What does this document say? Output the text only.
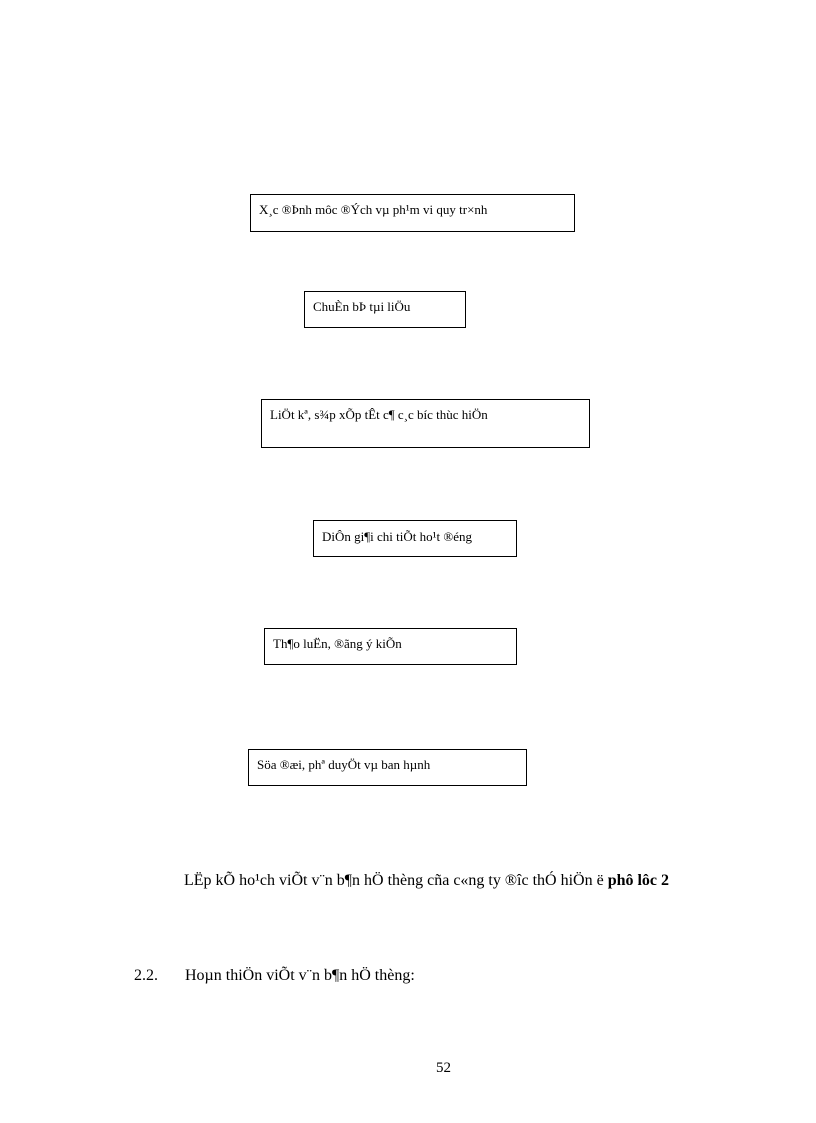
X¸c ®Þnh môc ®Ých vµ ph¹m vi quy tr×nh
ChuÈn bÞ tµi liÖu
LiÖt kª, s¾p xÕp tÊt c¶ c¸c bíc thùc hiÖn
DiÔn gi¶i chi tiÕt ho¹t ®éng
Th¶o luËn, ®ãng ý kiÕn
Söa ®æi, phª duyÖt vµ ban hµnh
LËp kÕ ho¹ch viÕt v¨n b¶n hÖ thèng cña c«ng ty ®îc thÓ hiÖn ë phô lôc 2
2.2. Hoµn thiÖn viÕt v¨n b¶n hÖ thèng:
52
